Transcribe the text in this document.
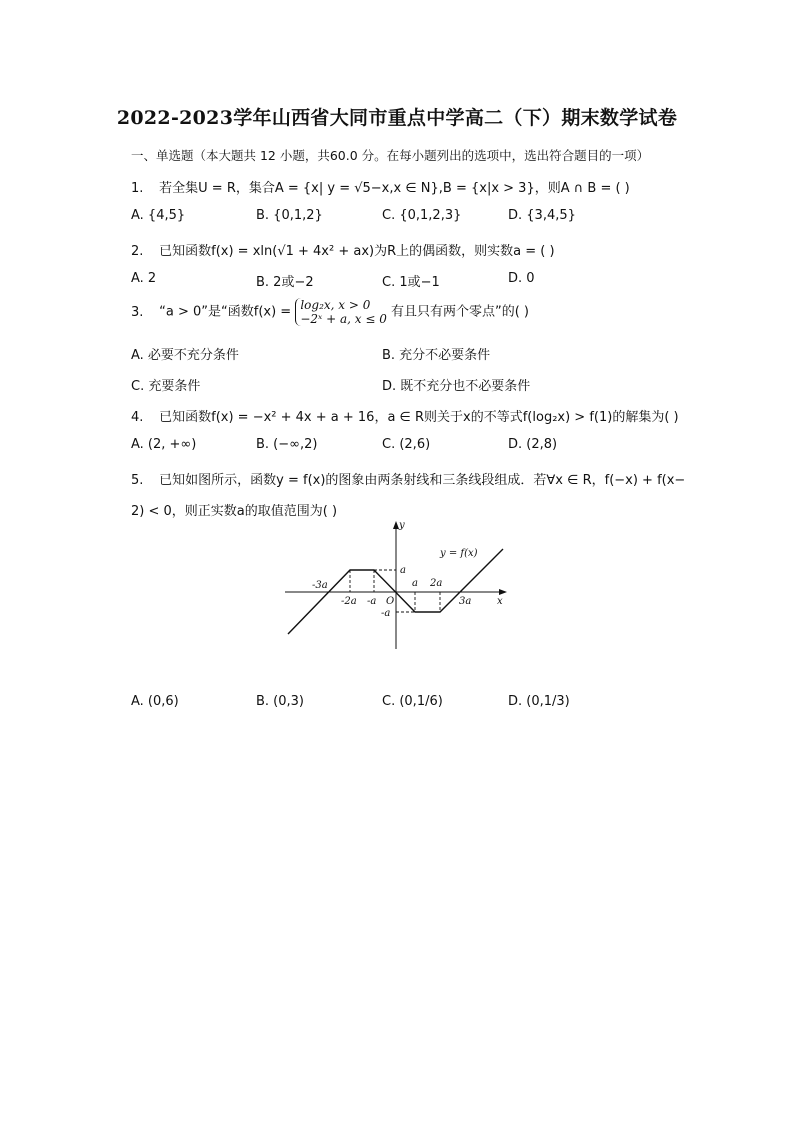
2022-2023学年山西省大同市重点中学高二（下）期末数学试卷
一、单选题（本大题共 12 小题，共60.0 分。在每小题列出的选项中，选出符合题目的一项）
1. 若全集U = R，集合A = {x| y = √5−x,x ∈ N},B = {x|x > 3}，则A ∩ B = ( )
A. {4,5}	B. {0,1,2}	C. {0,1,2,3}	D. {3,4,5}
2. 已知函数f(x) = xln(√1 + 4x² + ax)为R上的偶函数，则实数a = ( )
A. 2	B. 2或−2	C. 1或−1	D. 0
3. “a > 0”是“函数f(x) = log₂x, x > 0
−2ˣ + a, x ≤ 0 有且只有两个零点”的( )
A. 必要不充分条件	B. 充分不必要条件
C. 充要条件	D. 既不充分也不必要条件
4. 已知函数f(x) = −x² + 4x + a + 16，a ∈ R则关于x的不等式f(log₂x) > f(1)的解集为( )
A. (2, +∞)	B. (−∞,2)	C. (2,6)	D. (2,8)
5. 已知如图所示，函数y = f(x)的图象由两条射线和三条线段组成．若∀x ∈ R，f(−x) + f(x−
2) < 0，则正实数a的取值范围为( )
y = f(x)
y
x
O
-3a
-2a -a
a 2a
3a
a
-a
A. (0,6)	B. (0,3)	C. (0,1/6)	D. (0,1/3)
